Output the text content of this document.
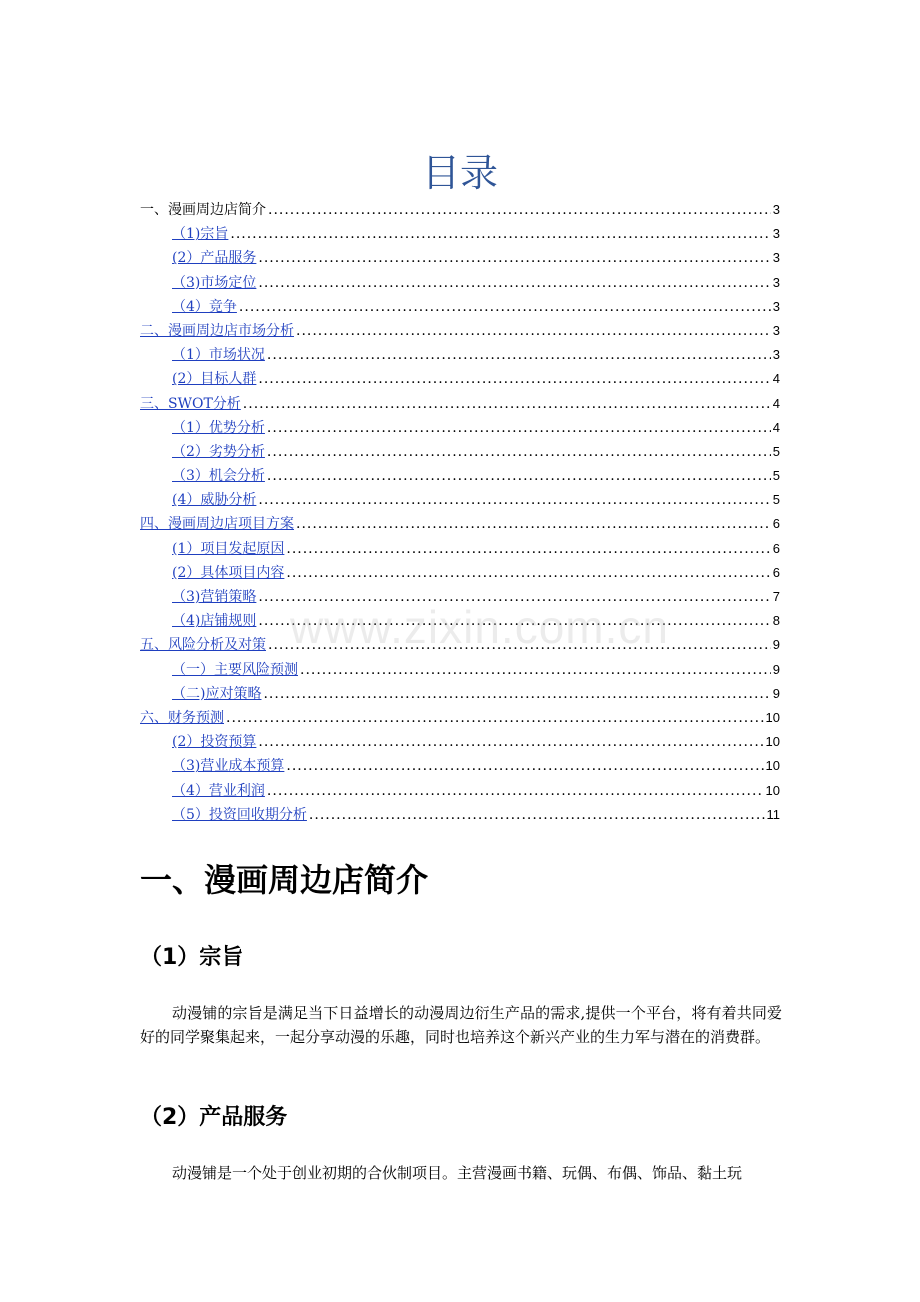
目录
一、漫画周边店简介 .....	3
（1)宗旨 .....	3
(2）产品服务 .....	3
（3)市场定位 .....	3
（4）竞争 .....	3
二、漫画周边店市场分析 .....	3
（1）市场状况 .....	3
(2）目标人群 .....	4
三、SWOT分析 .....	4
（1）优势分析 .....	4
（2）劣势分析 .....	5
（3）机会分析 .....	5
(4）威胁分析 .....	5
四、漫画周边店项目方案 .....	6
(1）项目发起原因 .....	6
(2）具体项目内容 .....	6
（3)营销策略 .....	7
（4)店铺规则 .....	8
五、风险分析及对策 .....	9
（一）主要风险预测 .....	9
（二)应对策略 .....	9
六、财务预测 .....	10
(2）投资预算 .....	10
（3)营业成本预算 .....	10
（4）营业利润 .....	10
（5）投资回收期分析 .....	11
www.zixin.com.cn
一、漫画周边店简介
（1）宗旨
动漫铺的宗旨是满足当下日益增长的动漫周边衍生产品的需求,提供一个平台，将有着共同爱好的同学聚集起来，一起分享动漫的乐趣，同时也培养这个新兴产业的生力军与潜在的消费群。
（2）产品服务
动漫铺是一个处于创业初期的合伙制项目。主营漫画书籍、玩偶、布偶、饰品、黏土玩
